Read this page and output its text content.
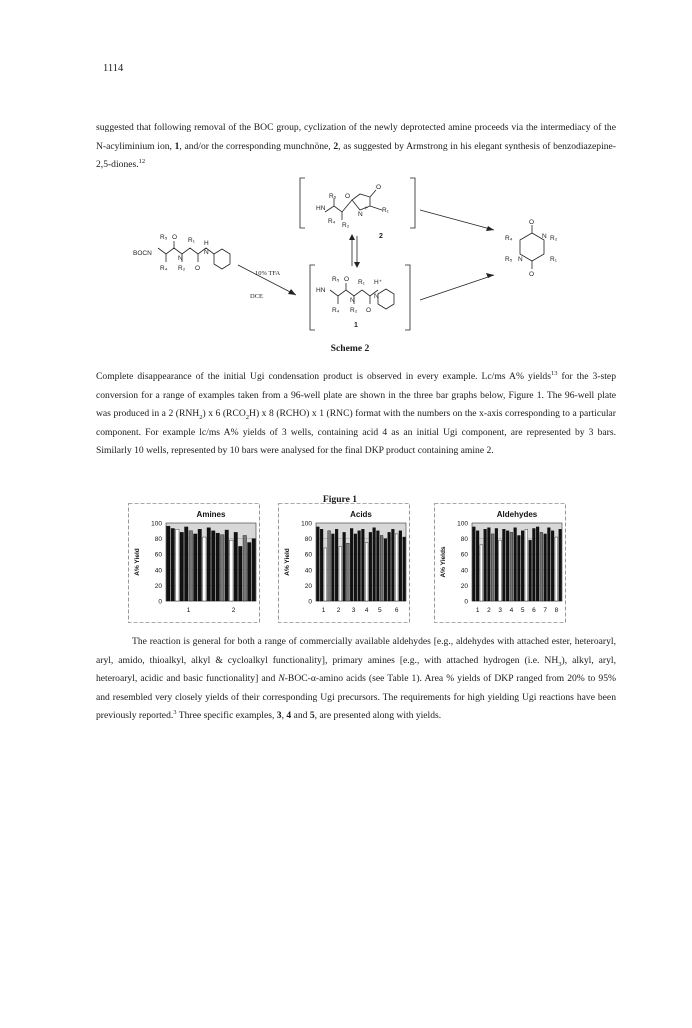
1114

suggested that following removal of the BOC group, cyclization of the newly deprotected amine proceeds via the intermediacy of the N-acyliminium ion, 1, and/or the corresponding munchnöne, 2, as suggested by Armstrong in his elegant synthesis of benzodiazepine-2,5-diones.$^{12}$

R₅ O R₁ H
BOCN
N
N
R₄ R₂ O
R₅ O
O
HN
N
+ R₁
R₄
R₂
R₅ O R₁ H⁺
HN
N
N
R₄ R₂ O
O
R₄	N R₂
R₅ N	R₁
O
2
1
10% TFA
DCE
Scheme 2

Complete disappearance of the initial Ugi condensation product is observed in every example. Lc/ms A% yields$^{13}$ for the 3-step conversion for a range of examples taken from a 96-well plate are shown in the three bar graphs below, Figure 1. The 96-well plate was produced in a 2 $(RNH_2)$ x 6 $(RCO_2H)$ x 8 (RCHO) x 1 (RNC) format with the numbers on the x-axis corresponding to a particular component. For example lc/ms A% yields of 3 wells, containing acid 4 as an initial Ugi component, are represented by 3 bars. Similarly 10 wells, represented by 10 bars were analysed for the final DKP product containing amine 2.

Figure 1
Amines
100
80
60
40
20
0
A% Yield
1	2
Acids
100
80
60
40
20
0
A% Yield
1 2 3 4 5 6
Aldehydes
100
80
60
40
20
0
A% Yields
1 2 3 4 5 6 7 8

The reaction is general for both a range of commercially available aldehydes [e.g., aldehydes with attached ester, heteroaryl, aryl, amido, thioalkyl, alkyl & cycloalkyl functionality], primary amines [e.g., with attached hydrogen (i.e. $NH_3$), alkyl, aryl, heteroaryl, acidic and basic functionality] and N-BOC-α-amino acids (see Table 1). Area % yields of DKP ranged from 20% to 95% and resembled very closely yields of their corresponding Ugi precursors. The requirements for high yielding Ugi reactions have been previously reported.$^3$ Three specific examples, 3, 4 and 5, are presented along with yields.
